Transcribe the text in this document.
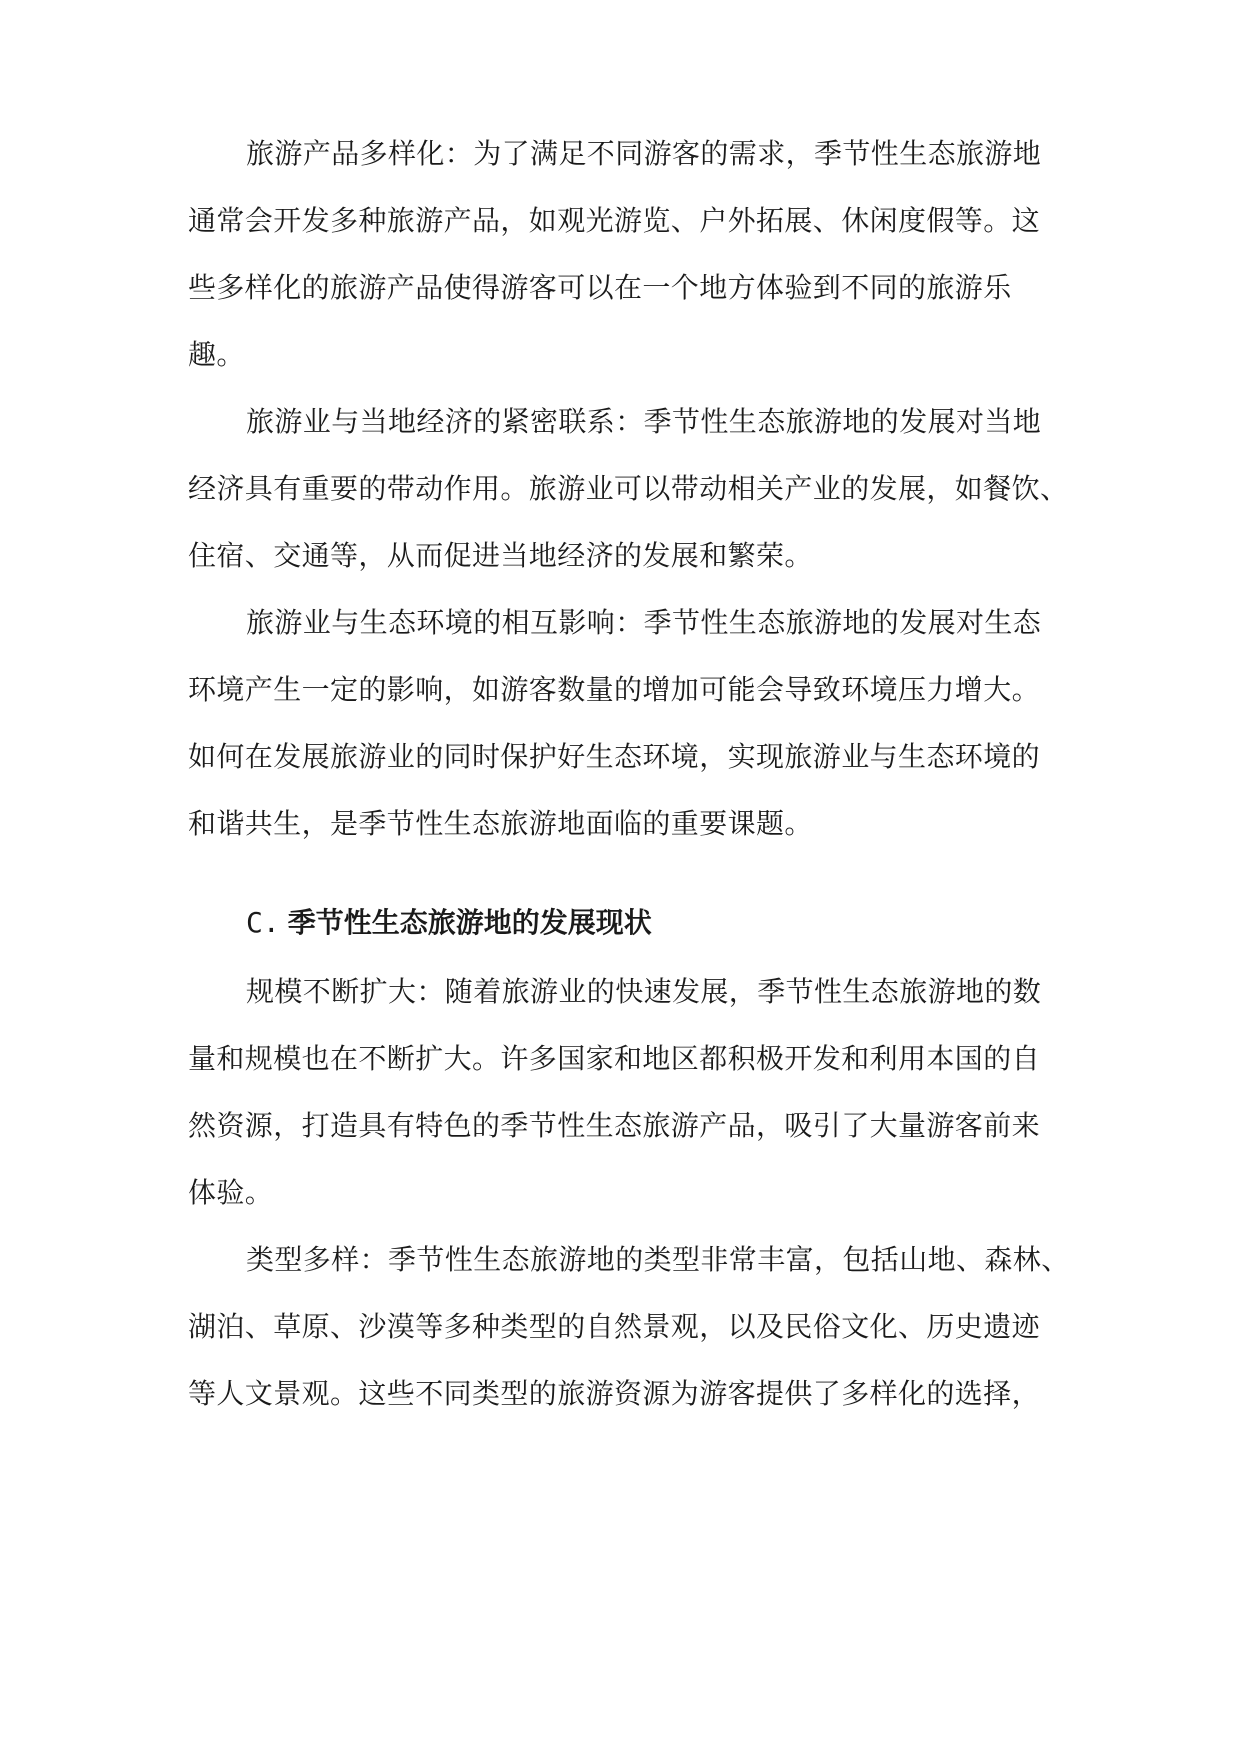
旅游产品多样化：为了满足不同游客的需求，季节性生态旅游地
通常会开发多种旅游产品，如观光游览、户外拓展、休闲度假等。这
些多样化的旅游产品使得游客可以在一个地方体验到不同的旅游乐
趣。
旅游业与当地经济的紧密联系：季节性生态旅游地的发展对当地
经济具有重要的带动作用。旅游业可以带动相关产业的发展，如餐饮、
住宿、交通等，从而促进当地经济的发展和繁荣。
旅游业与生态环境的相互影响：季节性生态旅游地的发展对生态
环境产生一定的影响，如游客数量的增加可能会导致环境压力增大。
如何在发展旅游业的同时保护好生态环境，实现旅游业与生态环境的
和谐共生，是季节性生态旅游地面临的重要课题。
C. 季节性生态旅游地的发展现状
规模不断扩大：随着旅游业的快速发展，季节性生态旅游地的数
量和规模也在不断扩大。许多国家和地区都积极开发和利用本国的自
然资源，打造具有特色的季节性生态旅游产品，吸引了大量游客前来
体验。
类型多样：季节性生态旅游地的类型非常丰富，包括山地、森林、
湖泊、草原、沙漠等多种类型的自然景观，以及民俗文化、历史遗迹
等人文景观。这些不同类型的旅游资源为游客提供了多样化的选择，
